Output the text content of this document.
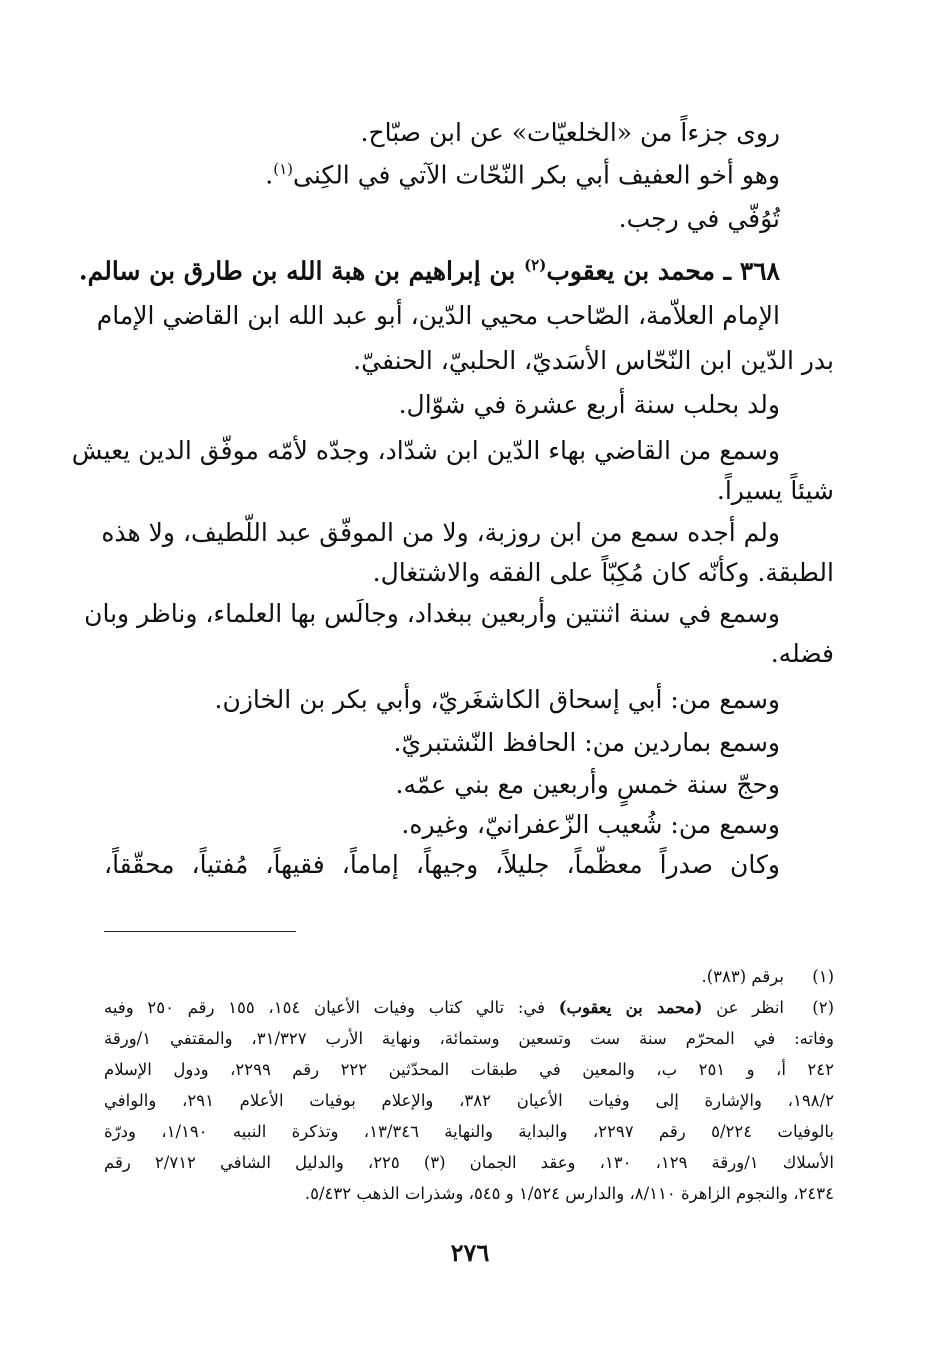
روى جزءاً من «الخلعيّات» عن ابن صبّاح.
وهو أخو العفيف أبي بكر النّحّات الآتي في الكِنى$^{(١)}$.
تُوُفّي في رجب.
٣٦٨ ـ محمد بن يعقوب$^{(٢)}$ بن إبراهيم بن هبة الله بن طارق بن سالم.
الإمام العلاّمة، الصّاحب محيي الدّين، أبو عبد الله ابن القاضي الإمام
بدر الدّين ابن النّحّاس الأسَديّ، الحلبيّ، الحنفيّ.
ولد بحلب سنة أربع عشرة في شوّال.
وسمع من القاضي بهاء الدّين ابن شدّاد، وجدّه لأمّه موفّق الدين يعيش
شيئاً يسيراً.
ولم أجده سمع من ابن روزبة، ولا من الموفّق عبد اللّطيف، ولا هذه
الطبقة. وكأنّه كان مُكِبّاً على الفقه والاشتغال.
وسمع في سنة اثنتين وأربعين ببغداد، وجالَس بها العلماء، وناظر وبان
فضله.
وسمع من: أبي إسحاق الكاشغَريّ، وأبي بكر بن الخازن.
وسمع بماردين من: الحافظ النّشتبريّ.
وحجّ سنة خمسٍ وأربعين مع بني عمّه.
وسمع من: شُعيب الزّعفرانيّ، وغيره.
وكان صدراً معظّماً، جليلاً، وجيهاً، إماماً، فقيهاً، مُفتياً، محقّقاً،
(١)
برقم (٣٨٣).
(٢)
انظر عن (محمد بن يعقوب) في: تالي كتاب وفيات الأعيان ١٥٤، ١٥٥ رقم ٢٥٠ وفيه
وفاته: في المحرّم سنة ست وتسعين وستمائة، ونهاية الأرب ٣١/٣٢٧، والمقتفي ١/ورقة
٢٤٢ أ، و ٢٥١ ب، والمعين في طبقات المحدّثين ٢٢٢ رقم ٢٢٩٩، ودول الإسلام
١٩٨/٢، والإشارة إلى وفيات الأعيان ٣٨٢، والإعلام بوفيات الأعلام ٢٩١، والوافي
بالوفيات ٥/٢٢٤ رقم ٢٢٩٧، والبداية والنهاية ١٣/٣٤٦، وتذكرة النبيه ١/١٩٠، ودرّة
الأسلاك ١/ورقة ١٢٩، ١٣٠، وعقد الجمان (٣) ٢٢٥، والدليل الشافي ٢/٧١٢ رقم
٢٤٣٤، والنجوم الزاهرة ٨/١١٠، والدارس ١/٥٢٤ و ٥٤٥، وشذرات الذهب ٥/٤٣٢.
٢٧٦
